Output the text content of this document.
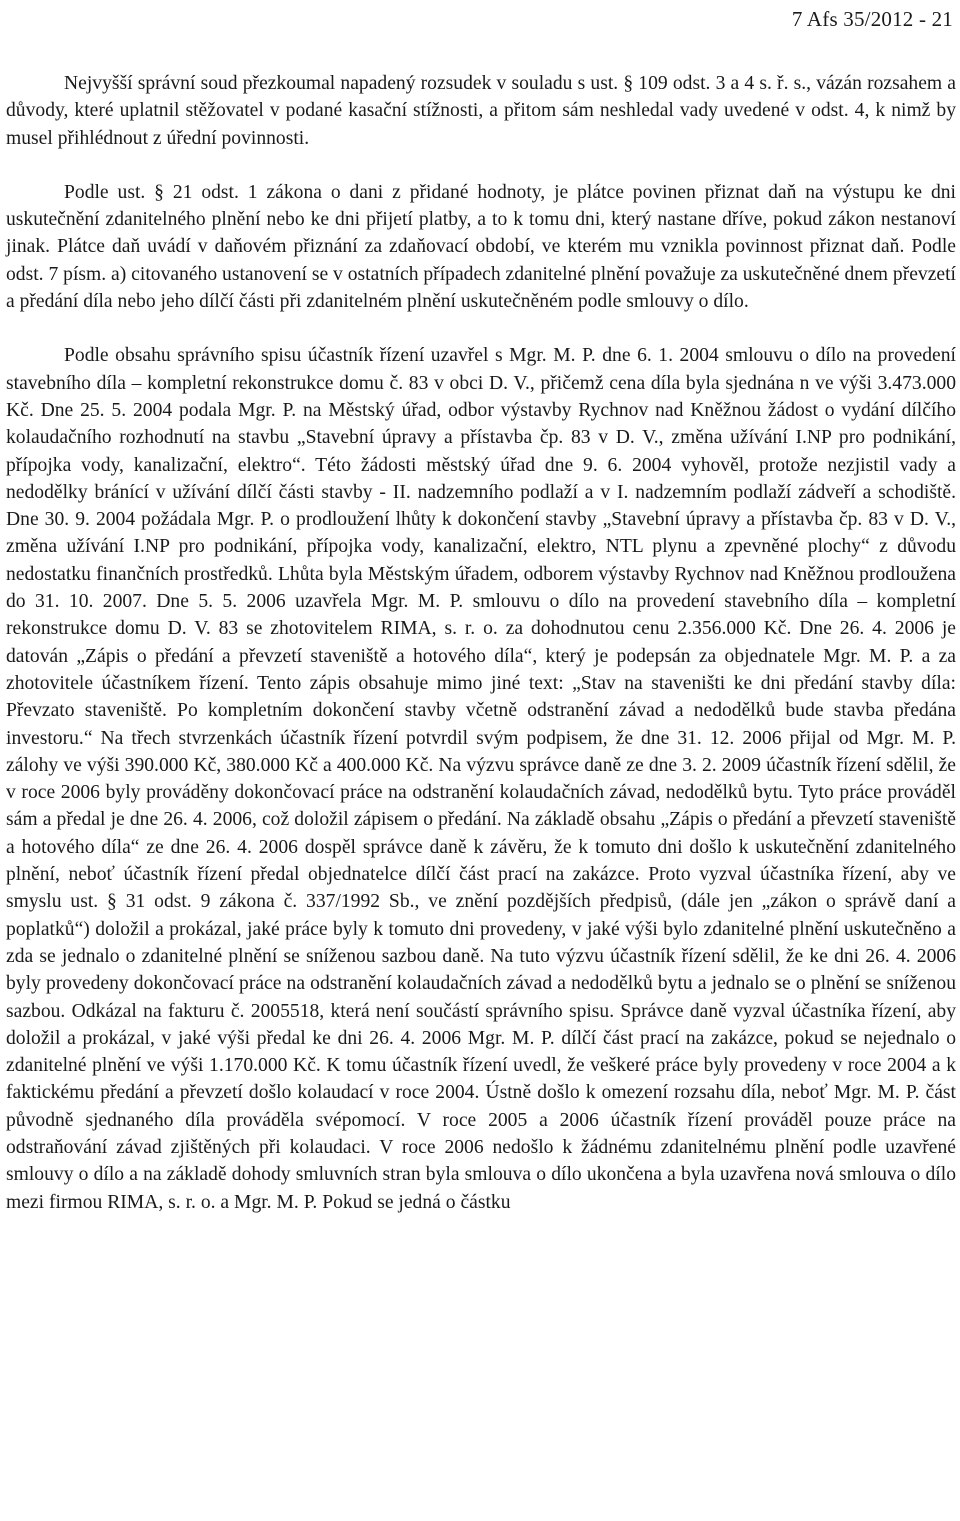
7 Afs 35/2012 - 21

Nejvyšší správní soud přezkoumal napadený rozsudek v souladu s ust. § 109 odst. 3 a 4 s. ř. s., vázán rozsahem a důvody, které uplatnil stěžovatel v podané kasační stížnosti, a přitom sám neshledal vady uvedené v odst. 4, k nimž by musel přihlédnout z úřední povinnosti.

Podle ust. § 21 odst. 1 zákona o dani z přidané hodnoty, je plátce povinen přiznat daň na výstupu ke dni uskutečnění zdanitelného plnění nebo ke dni přijetí platby, a to k tomu dni, který nastane dříve, pokud zákon nestanoví jinak. Plátce daň uvádí v daňovém přiznání za zdaňovací období, ve kterém mu vznikla povinnost přiznat daň. Podle odst. 7 písm. a) citovaného ustanovení se v ostatních případech zdanitelné plnění považuje za uskutečněné dnem převzetí a předání díla nebo jeho dílčí části při zdanitelném plnění uskutečněném podle smlouvy o dílo.

Podle obsahu správního spisu účastník řízení uzavřel s Mgr. M. P. dne 6. 1. 2004 smlouvu o dílo na provedení stavebního díla – kompletní rekonstrukce domu č. 83 v obci D. V., přičemž cena díla byla sjednána n ve výši 3.473.000 Kč. Dne 25. 5. 2004 podala Mgr. P. na Městský úřad, odbor výstavby Rychnov nad Kněžnou žádost o vydání dílčího kolaudačního rozhodnutí na stavbu „Stavební úpravy a přístavba čp. 83 v D. V., změna užívání I.NP pro podnikání, přípojka vody, kanalizační, elektro“. Této žádosti městský úřad dne 9. 6. 2004 vyhověl, protože nezjistil vady a nedodělky bránící v užívání dílčí části stavby - II. nadzemního podlaží a v I. nadzemním podlaží zádveří a schodiště. Dne 30. 9. 2004 požádala Mgr. P. o prodloužení lhůty k dokončení stavby „Stavební úpravy a přístavba čp. 83 v D. V., změna užívání I.NP pro podnikání, přípojka vody, kanalizační, elektro, NTL plynu a zpevněné plochy“ z důvodu nedostatku finančních prostředků. Lhůta byla Městským úřadem, odborem výstavby Rychnov nad Kněžnou prodloužena do 31. 10. 2007. Dne 5. 5. 2006 uzavřela Mgr. M. P. smlouvu o dílo na provedení stavebního díla – kompletní rekonstrukce domu D. V. 83 se zhotovitelem RIMA, s. r. o. za dohodnutou cenu 2.356.000 Kč. Dne 26. 4. 2006 je datován „Zápis o předání a převzetí staveniště a hotového díla“, který je podepsán za objednatele Mgr. M. P. a za zhotovitele účastníkem řízení. Tento zápis obsahuje mimo jiné text: „Stav na staveništi ke dni předání stavby díla: Převzato staveniště. Po kompletním dokončení stavby včetně odstranění závad a nedodělků bude stavba předána investoru.“ Na třech stvrzenkách účastník řízení potvrdil svým podpisem, že dne 31. 12. 2006 přijal od Mgr. M. P. zálohy ve výši 390.000 Kč, 380.000 Kč a 400.000 Kč. Na výzvu správce daně ze dne 3. 2. 2009 účastník řízení sdělil, že v roce 2006 byly prováděny dokončovací práce na odstranění kolaudačních závad, nedodělků bytu. Tyto práce prováděl sám a předal je dne 26. 4. 2006, což doložil zápisem o předání. Na základě obsahu „Zápis o předání a převzetí staveniště a hotového díla“ ze dne 26. 4. 2006 dospěl správce daně k závěru, že k tomuto dni došlo k uskutečnění zdanitelného plnění, neboť účastník řízení předal objednatelce dílčí část prací na zakázce. Proto vyzval účastníka řízení, aby ve smyslu ust. § 31 odst. 9 zákona č. 337/1992 Sb., ve znění pozdějších předpisů, (dále jen „zákon o správě daní a poplatků“) doložil a prokázal, jaké práce byly k tomuto dni provedeny, v jaké výši bylo zdanitelné plnění uskutečněno a zda se jednalo o zdanitelné plnění se sníženou sazbou daně. Na tuto výzvu účastník řízení sdělil, že ke dni 26. 4. 2006 byly provedeny dokončovací práce na odstranění kolaudačních závad a nedodělků bytu a jednalo se o plnění se sníženou sazbou. Odkázal na fakturu č. 2005518, která není součástí správního spisu. Správce daně vyzval účastníka řízení, aby doložil a prokázal, v jaké výši předal ke dni 26. 4. 2006 Mgr. M. P. dílčí část prací na zakázce, pokud se nejednalo o zdanitelné plnění ve výši 1.170.000 Kč. K tomu účastník řízení uvedl, že veškeré práce byly provedeny v roce 2004 a k faktickému předání a převzetí došlo kolaudací v roce 2004. Ústně došlo k omezení rozsahu díla, neboť Mgr. M. P. část původně sjednaného díla prováděla svépomocí. V roce 2005 a 2006 účastník řízení prováděl pouze práce na odstraňování závad zjištěných při kolaudaci. V roce 2006 nedošlo k žádnému zdanitelnému plnění podle uzavřené smlouvy o dílo a na základě dohody smluvních stran byla smlouva o dílo ukončena a byla uzavřena nová smlouva o dílo mezi firmou RIMA, s. r. o. a Mgr. M. P. Pokud se jedná o částku
